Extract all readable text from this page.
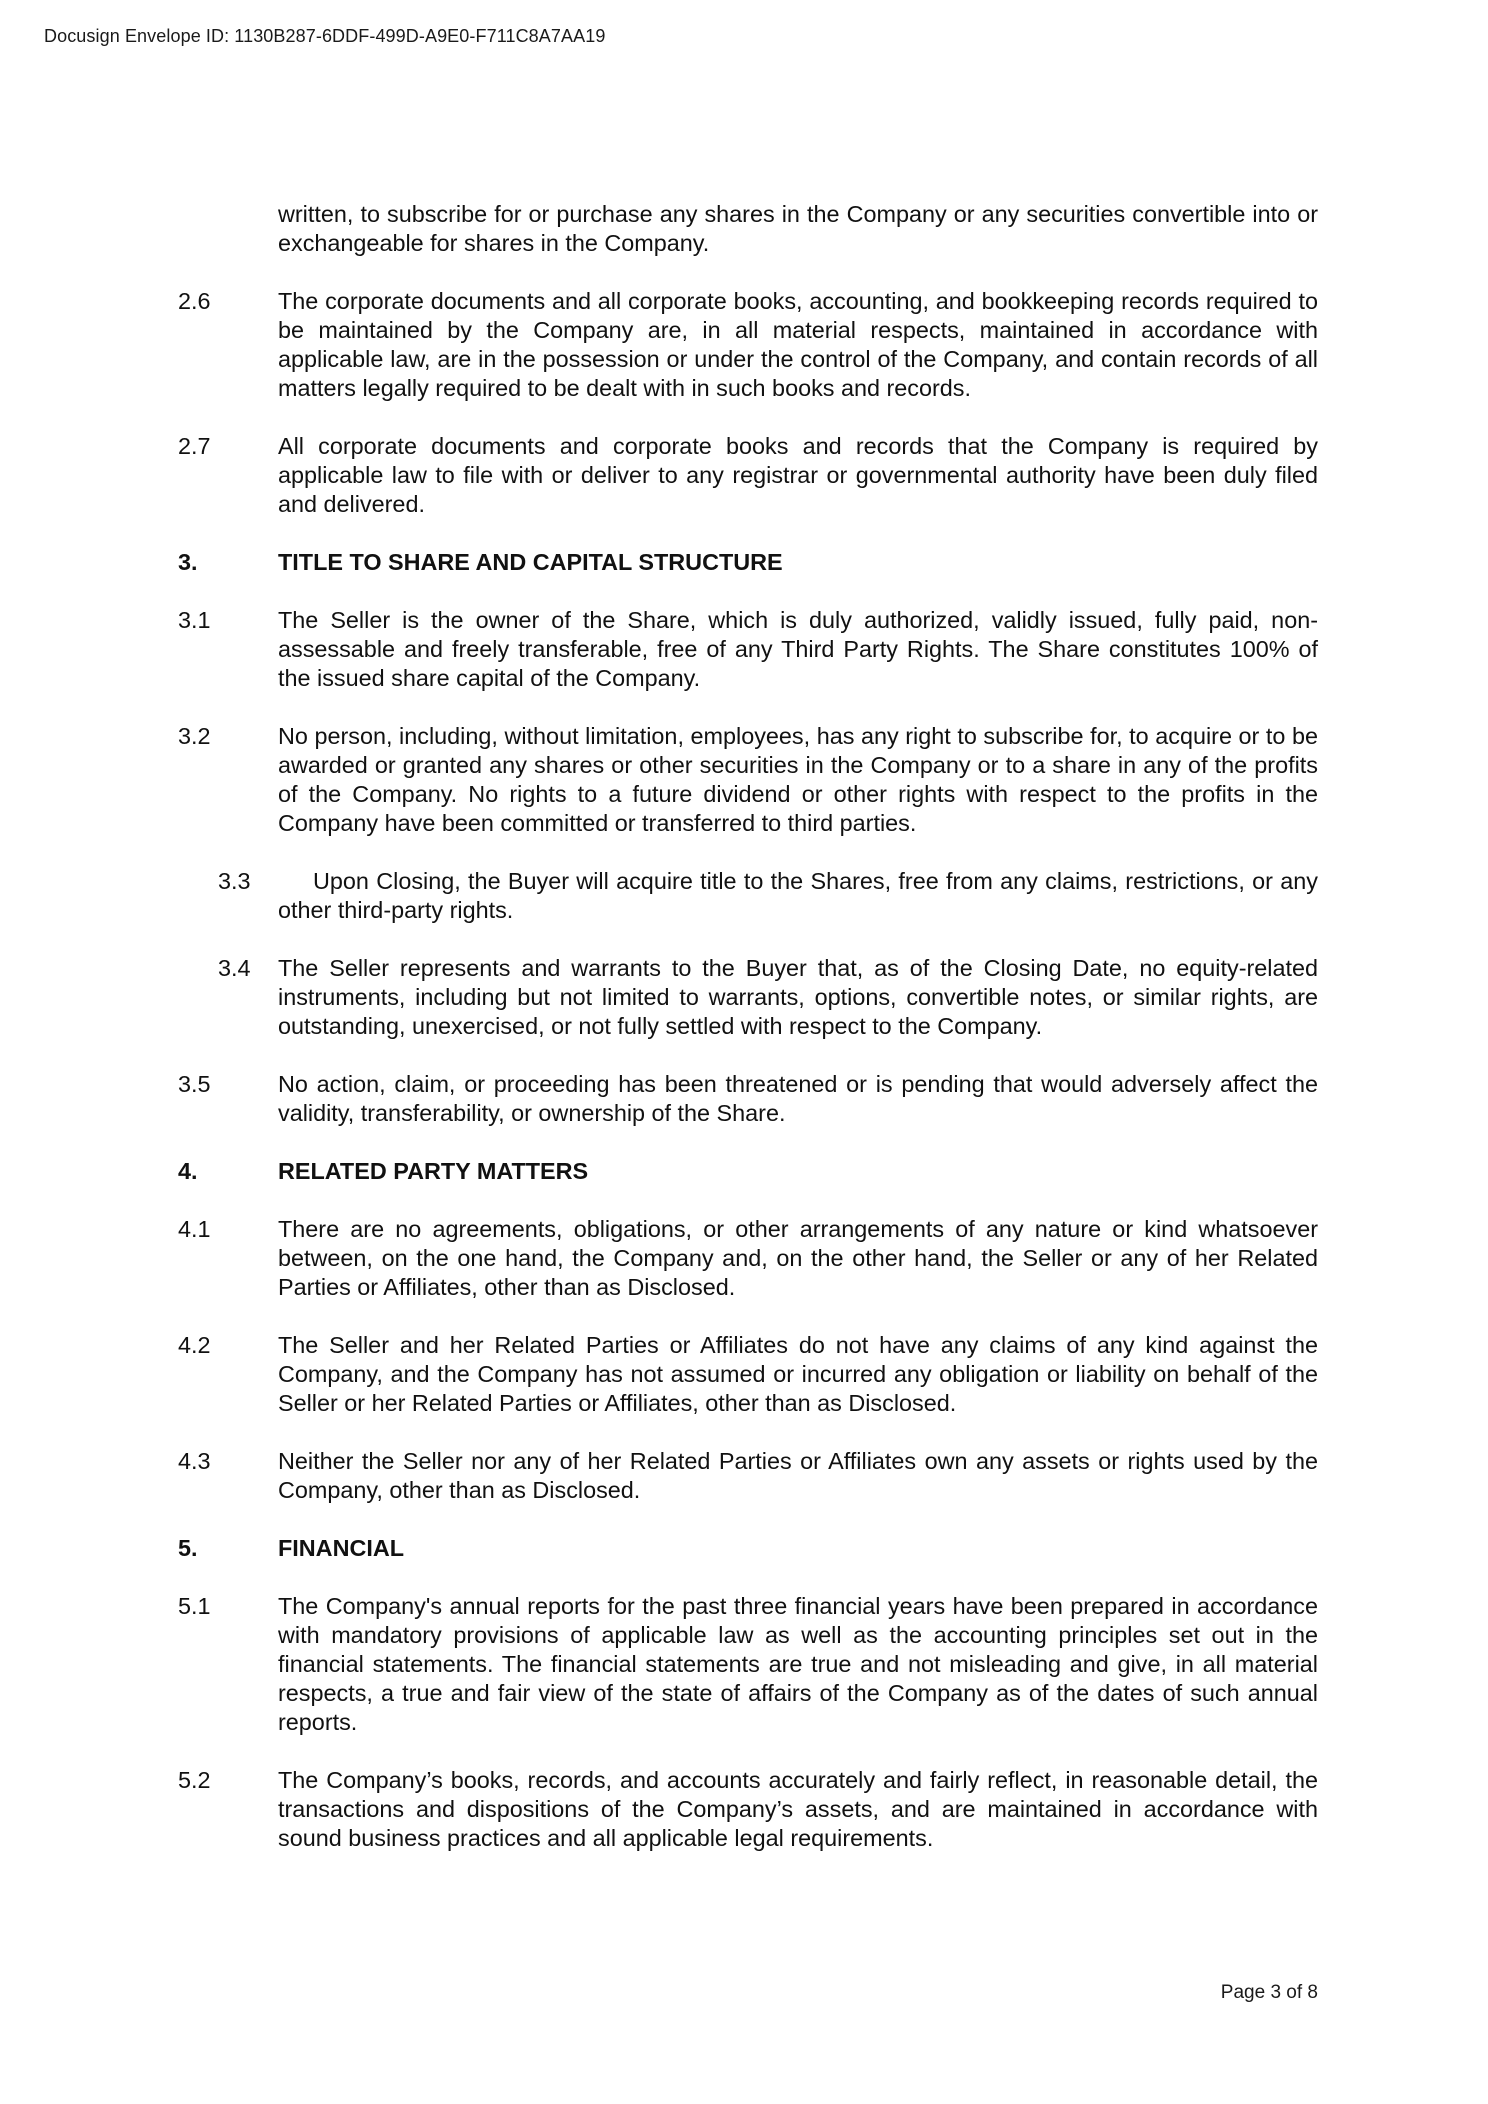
Docusign Envelope ID: 1130B287-6DDF-499D-A9E0-F711C8A7AA19

written, to subscribe for or purchase any shares in the Company or any securities convertible into or exchangeable for shares in the Company.

2.6	The corporate documents and all corporate books, accounting, and bookkeeping records required to be maintained by the Company are, in all material respects, maintained in accordance with applicable law, are in the possession or under the control of the Company, and contain records of all matters legally required to be dealt with in such books and records.

2.7	All corporate documents and corporate books and records that the Company is required by applicable law to file with or deliver to any registrar or governmental authority have been duly filed and delivered.

3.	TITLE TO SHARE AND CAPITAL STRUCTURE

3.1	The Seller is the owner of the Share, which is duly authorized, validly issued, fully paid, non-assessable and freely transferable, free of any Third Party Rights. The Share constitutes 100% of the issued share capital of the Company.

3.2	No person, including, without limitation, employees, has any right to subscribe for, to acquire or to be awarded or granted any shares or other securities in the Company or to a share in any of the profits of the Company. No rights to a future dividend or other rights with respect to the profits in the Company have been committed or transferred to third parties.

3.3	Upon Closing, the Buyer will acquire title to the Shares, free from any claims, restrictions, or any other third-party rights.

3.4	The Seller represents and warrants to the Buyer that, as of the Closing Date, no equity-related instruments, including but not limited to warrants, options, convertible notes, or similar rights, are outstanding, unexercised, or not fully settled with respect to the Company.

3.5	No action, claim, or proceeding has been threatened or is pending that would adversely affect the validity, transferability, or ownership of the Share.

4.	RELATED PARTY MATTERS

4.1	There are no agreements, obligations, or other arrangements of any nature or kind whatsoever between, on the one hand, the Company and, on the other hand, the Seller or any of her Related Parties or Affiliates, other than as Disclosed.

4.2	The Seller and her Related Parties or Affiliates do not have any claims of any kind against the Company, and the Company has not assumed or incurred any obligation or liability on behalf of the Seller or her Related Parties or Affiliates, other than as Disclosed.

4.3	Neither the Seller nor any of her Related Parties or Affiliates own any assets or rights used by the Company, other than as Disclosed.

5.	FINANCIAL

5.1	The Company's annual reports for the past three financial years have been prepared in accordance with mandatory provisions of applicable law as well as the accounting principles set out in the financial statements. The financial statements are true and not misleading and give, in all material respects, a true and fair view of the state of affairs of the Company as of the dates of such annual reports.

5.2	The Company’s books, records, and accounts accurately and fairly reflect, in reasonable detail, the transactions and dispositions of the Company’s assets, and are maintained in accordance with sound business practices and all applicable legal requirements.

Page 3 of 8
